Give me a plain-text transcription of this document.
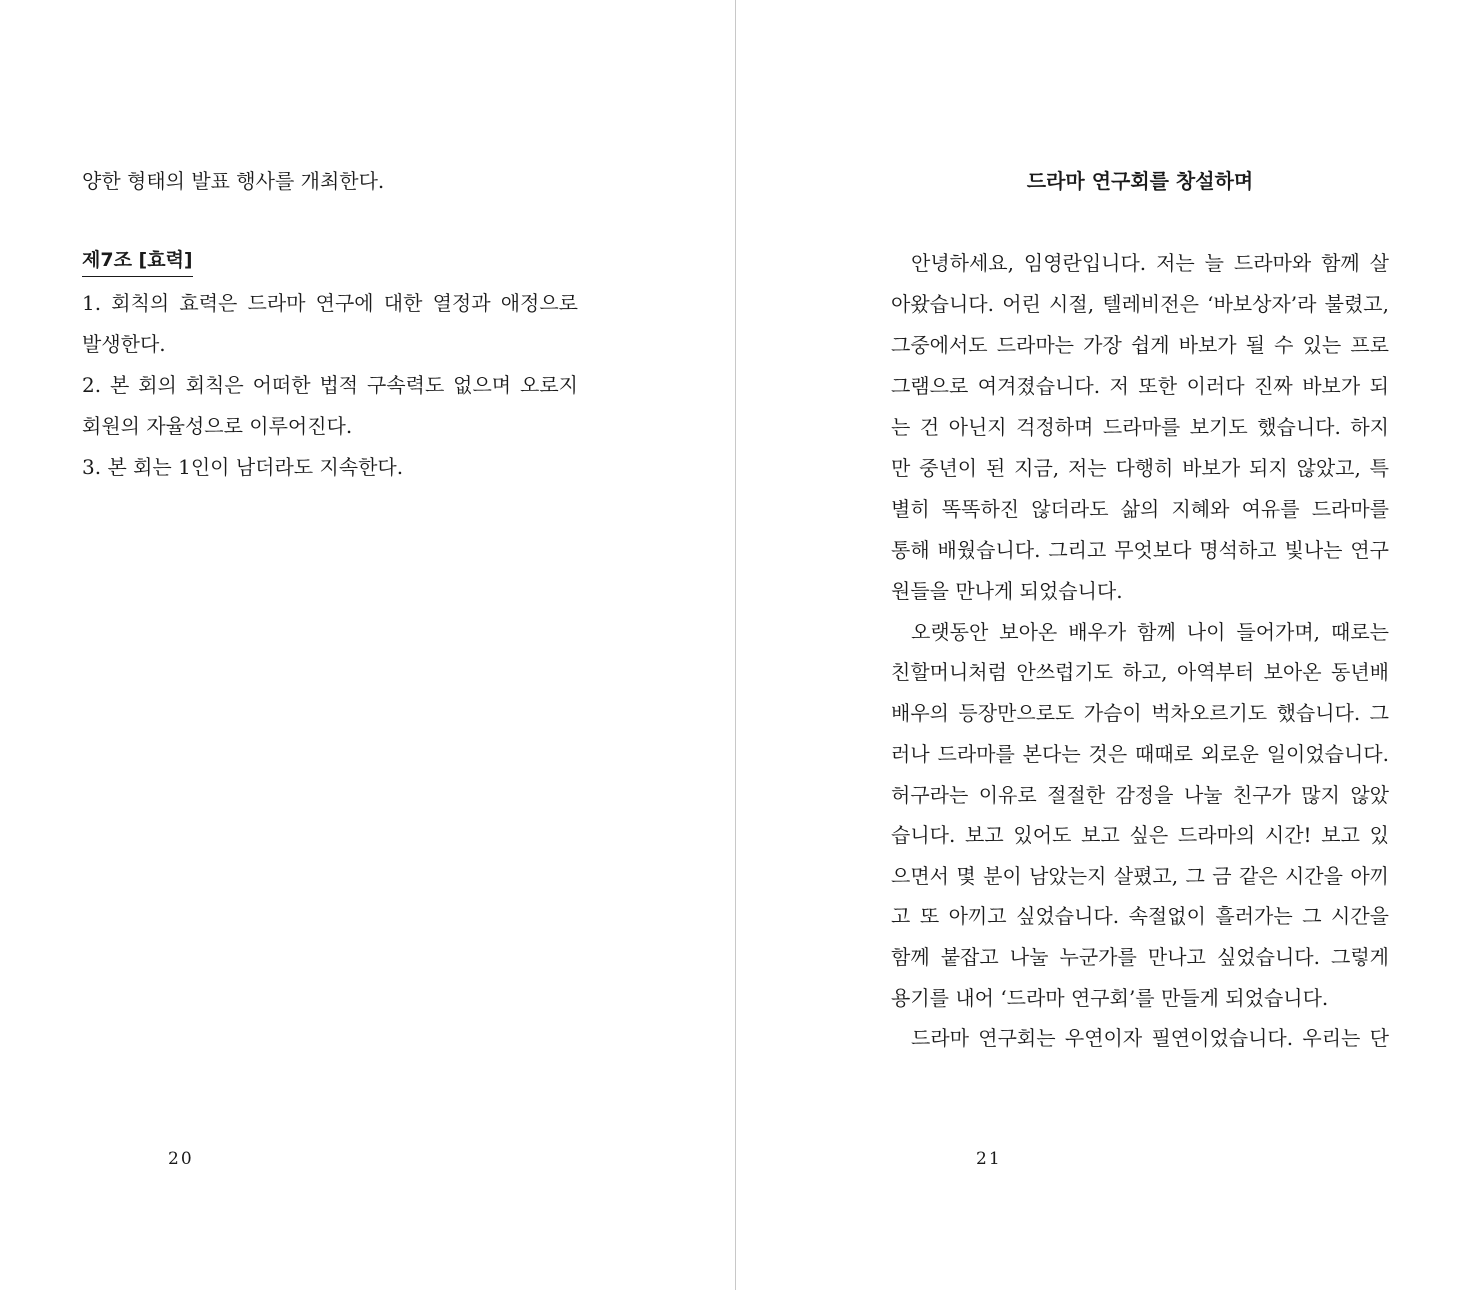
양한 형태의 발표 행사를 개최한다.
제7조 [효력]
1. 회칙의 효력은 드라마 연구에 대한 열정과 애정으로
발생한다.
2. 본 회의 회칙은 어떠한 법적 구속력도 없으며 오로지
회원의 자율성으로 이루어진다.
3. 본 회는 1인이 남더라도 지속한다.
20
드라마 연구회를 창설하며
안녕하세요, 임영란입니다. 저는 늘 드라마와 함께 살
아왔습니다. 어린 시절, 텔레비전은 ‘바보상자’라 불렸고,
그중에서도 드라마는 가장 쉽게 바보가 될 수 있는 프로
그램으로 여겨졌습니다. 저 또한 이러다 진짜 바보가 되
는 건 아닌지 걱정하며 드라마를 보기도 했습니다. 하지
만 중년이 된 지금, 저는 다행히 바보가 되지 않았고, 특
별히 똑똑하진 않더라도 삶의 지혜와 여유를 드라마를
통해 배웠습니다. 그리고 무엇보다 명석하고 빛나는 연구
원들을 만나게 되었습니다.
오랫동안 보아온 배우가 함께 나이 들어가며, 때로는
친할머니처럼 안쓰럽기도 하고, 아역부터 보아온 동년배
배우의 등장만으로도 가슴이 벅차오르기도 했습니다. 그
러나 드라마를 본다는 것은 때때로 외로운 일이었습니다.
허구라는 이유로 절절한 감정을 나눌 친구가 많지 않았
습니다. 보고 있어도 보고 싶은 드라마의 시간! 보고 있
으면서 몇 분이 남았는지 살폈고, 그 금 같은 시간을 아끼
고 또 아끼고 싶었습니다. 속절없이 흘러가는 그 시간을
함께 붙잡고 나눌 누군가를 만나고 싶었습니다. 그렇게
용기를 내어 ‘드라마 연구회’를 만들게 되었습니다.
드라마 연구회는 우연이자 필연이었습니다. 우리는 단
21
